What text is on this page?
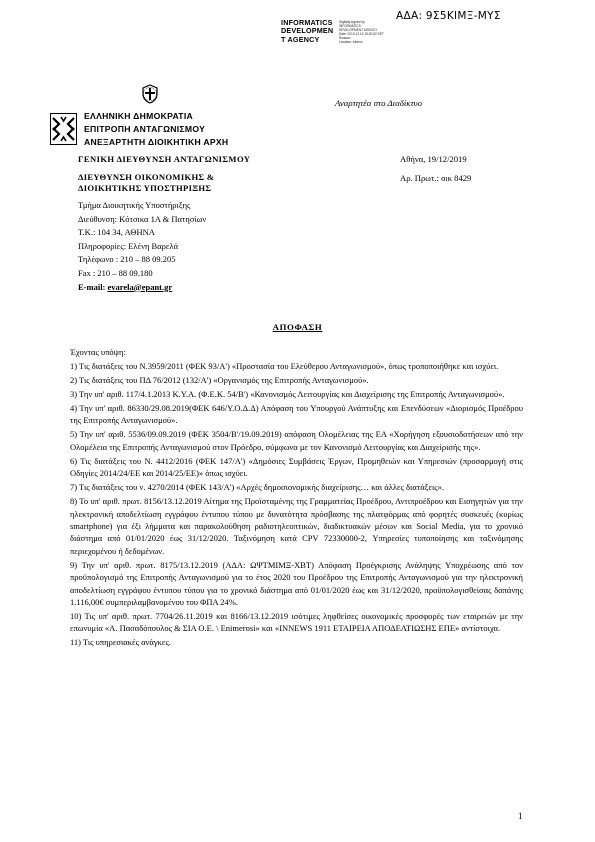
ΑΔΑ: 9Σ5ΚΙΜΞ-ΜΥΣ
INFORMATICS
DEVELOPMEN
T AGENCY
Digitally signed by
INFORMATICS
DEVELOPMENT AGENCY
Date: 2019.12.19 15:20:52 EET
Reason:
Location: Athens
Αναρτητέα στο Διαδίκτυο
ΕΛΛΗΝΙΚΗ ΔΗΜΟΚΡΑΤΙΑ
ΕΠΙΤΡΟΠΗ ΑΝΤΑΓΩΝΙΣΜΟΥ
ΑΝΕΞΑΡΤΗΤΗ ΔΙΟΙΚΗΤΙΚΗ ΑΡΧΗ
ΓΕΝΙΚΗ ΔΙΕΥΘΥΝΣΗ ΑΝΤΑΓΩΝΙΣΜΟΥ	Αθήνα, 19/12/2019
ΔΙΕΥΘΥΝΣΗ ΟΙΚΟΝΟΜΙΚΗΣ &
ΔΙΟΙΚΗΤΙΚΗΣ ΥΠΟΣΤΗΡΙΞΗΣ
Αρ. Πρωτ.: οικ 8429
Τμήμα Διοικητικής Υποστήριξης
Διεύθυνση: Κότσικα 1Α & Πατησίων
Τ.Κ.: 104 34, ΑΘΗΝΑ
Πληροφορίες: Ελένη Βαρελά
Τηλέφωνο : 210 – 88 09.205
Fax : 210 – 88 09.180
E-mail: evarela@epant.gr
ΑΠΟΦΑΣΗ

Έχοντας υπόψη:

1) Τις διατάξεις του Ν.3959/2011 (ΦΕΚ 93/Α') «Προστασία του Ελεύθερου Ανταγωνισμού», όπως τροποποιήθηκε και ισχύει.

2) Τις διατάξεις του ΠΔ 76/2012 (132/Α') «Οργανισμός της Επιτροπής Ανταγωνισμού».

3) Την υπ' αριθ. 117/4.1.2013 Κ.Υ.Α. (Φ.Ε.Κ. 54/Β') «Κανονισμός Λειτουργίας και Διαχείρισης της Επιτροπής Ανταγωνισμού».

4) Την υπ' αριθ. 86330/29.08.2019(ΦΕΚ 646/Υ.Ο.Δ.Δ) Απόφαση του Υπουργού Ανάπτυξης και Επενδύσεων «Διορισμός Προέδρου της Επιτροπής Ανταγωνισμού».

5) Την υπ' αριθ. 5536/09.09.2019 (ΦΕΚ 3504/Β'/19.09.2019) απόφαση Ολομέλειας της ΕΑ «Χορήγηση εξουσιοδοτήσεων από την Ολομέλεια της Επιτροπής Ανταγωνισμού στον Πρόεδρο, σύμφωνα με τον Κανονισμό Λειτουργίας και Διαχείρισής της».

6) Τις διατάξεις του Ν. 4412/2016 (ΦΕΚ 147/Α') «Δημόσιες Συμβάσεις Έργων, Προμηθειών και Υπηρεσιών (προσαρμογή στις Οδηγίες 2014/24/ΕΕ και 2014/25/ΕΕ)» όπως ισχύει.

7) Τις διατάξεις του ν. 4270/2014 (ΦΕΚ 143/Α') «Αρχές δημοσιονομικής διαχείρισης… και άλλες διατάξεις».

8) Το υπ' αριθ. πρωτ. 8156/13.12.2019 Αίτημα της Προϊσταμένης της Γραμματείας Προέδρου, Αντιπροέδρου και Εισηγητών για την ηλεκτρονική αποδελτίωση εγγράφου έντυπου τύπου με δυνατότητα πρόσβασης της πλατφόρμας από φορητές συσκευές (κυρίως smartphone) για έξι λήμματα και παρακολούθηση ραδιοτηλεοπτικών, διαδικτυακών μέσων και Social Media, για το χρονικό διάστημα από 01/01/2020 έως 31/12/2020. Ταξινόμηση κατά CPV 72330000-2, Υπηρεσίες τυποποίησης και ταξινόμησης περιεχομένου ή δεδομένων.

9) Την υπ' αριθ. πρωτ. 8175/13.12.2019 (ΑΔΑ: ΩΨΤΜΙΜΞ-ΧΒΤ) Απόφαση Προέγκρισης Ανάληψης Υποχρέωσης από τον προϋπολογισμό της Επιτροπής Ανταγωνισμού για το έτος 2020 του Προέδρου της Επιτροπής Ανταγωνισμού για την ηλεκτρονική αποδελτίωση εγγράφου έντυπου τύπου για το χρονικό διάστημα από 01/01/2020 έως και 31/12/2020, προϋπολογισθείσας δαπάνης 1.116,00€ συμπεριλαμβανομένου του ΦΠΑ 24%.

10) Τις υπ' αριθ. πρωτ. 7704/26.11.2019 και 8166/13.12.2019 ισότιμες ληφθείσες οικονομικές προσφορές των εταιρειών με την επωνυμία «Α. Πασαδόπουλος & ΣΙΑ Ο.Ε. \ Enimerosi» και «INNEWS 1911 ΕΤΑΙΡΕΙΑ ΑΠΟΔΕΛΤΙΩΣΗΣ ΕΠΕ» αντίστοιχα.

11) Τις υπηρεσιακές ανάγκες.

1
